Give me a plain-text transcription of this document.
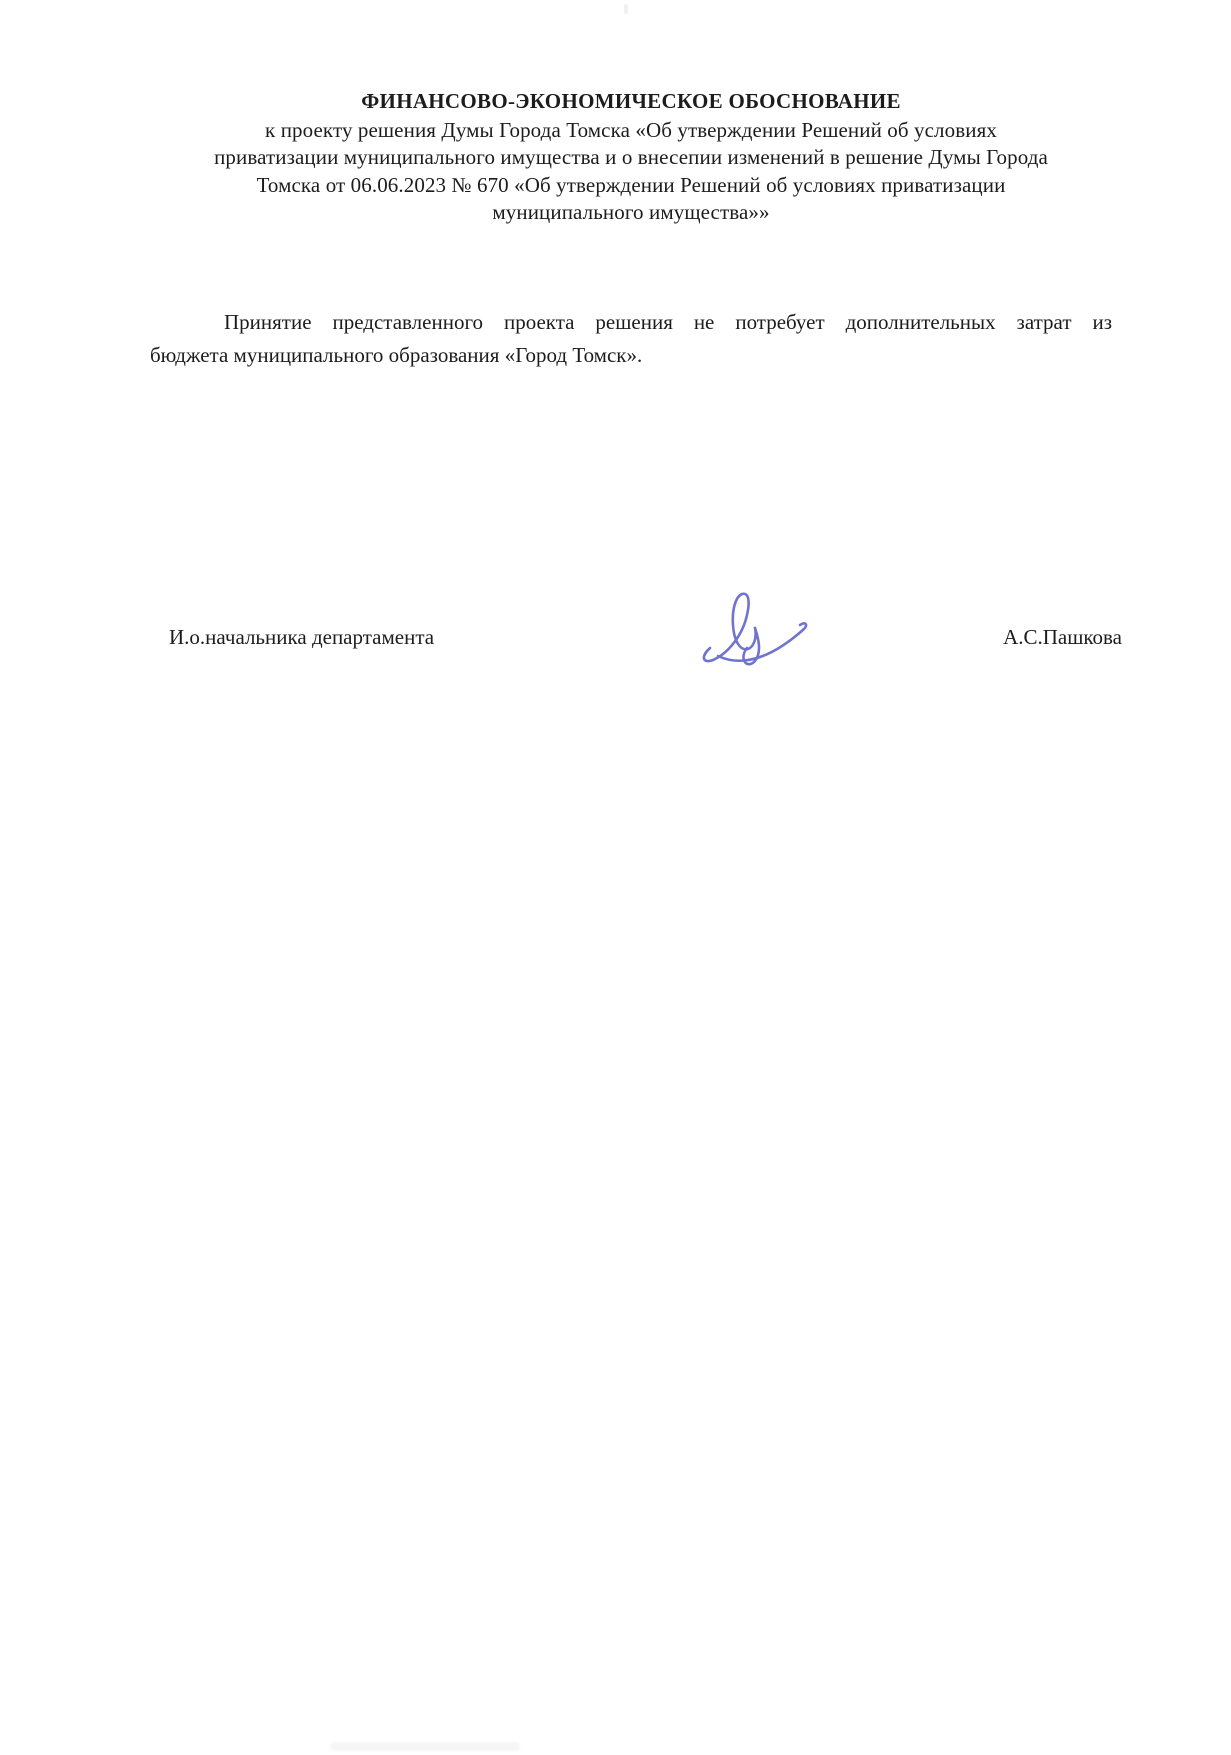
ФИНАНСОВО-ЭКОНОМИЧЕСКОЕ ОБОСНОВАНИЕ
к проекту решения Думы Города Томска «Об утверждении Решений об условиях
приватизации муниципального имущества и о внесепии изменений в решение Думы Города
Томска от 06.06.2023 № 670 «Об утверждении Решений об условиях приватизации
муниципального имущества»»
Принятие представленного проекта решения не потребует дополнительных затрат из
бюджета муниципального образования «Город Томск».
И.о.начальника департамента	А.С.Пашкова
